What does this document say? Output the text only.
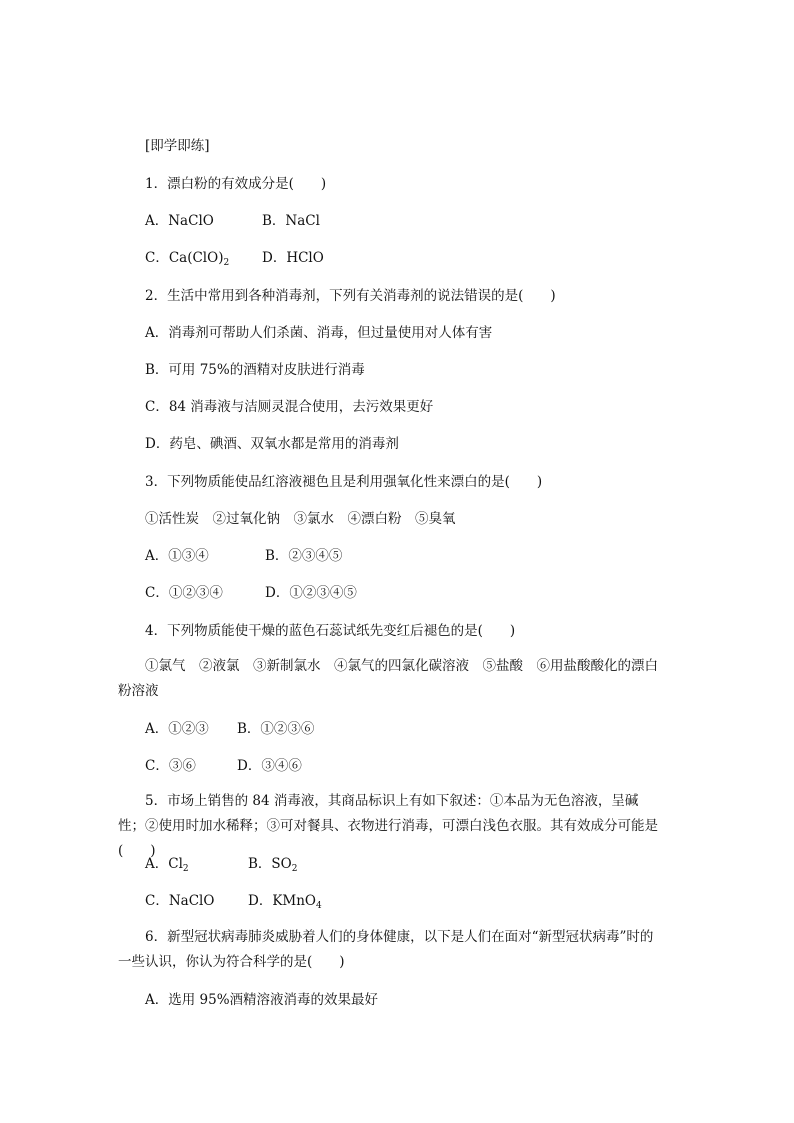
[即学即练]
1．漂白粉的有效成分是(　　)
A．NaClO	B．NaCl
C．$Ca(ClO)_2$ D．HClO
2．生活中常用到各种消毒剂，下列有关消毒剂的说法错误的是(　　)
A．消毒剂可帮助人们杀菌、消毒，但过量使用对人体有害
B．可用 75%的酒精对皮肤进行消毒
C．84 消毒液与洁厕灵混合使用，去污效果更好
D．药皂、碘酒、双氧水都是常用的消毒剂
3．下列物质能使品红溶液褪色且是利用强氧化性来漂白的是(　　)
①活性炭　②过氧化钠　③氯水　④漂白粉　⑤臭氧
A．①③④	B．②③④⑤
C．①②③④	D．①②③④⑤
4．下列物质能使干燥的蓝色石蕊试纸先变红后褪色的是(　　)
①氯气　②液氯　③新制氯水　④氯气的四氯化碳溶液　⑤盐酸　⑥用盐酸酸化的漂白粉溶液
A．①②③ B．①②③⑥
C．③⑥	D．③④⑥
5．市场上销售的 84 消毒液，其商品标识上有如下叙述：①本品为无色溶液，呈碱性；②使用时加水稀释；③可对餐具、衣物进行消毒，可漂白浅色衣服。其有效成分可能是(　　)
A．$Cl_2$	B．$SO_2$
C．NaClO D．KMnO$_4$
6．新型冠状病毒肺炎威胁着人们的身体健康，以下是人们在面对“新型冠状病毒”时的一些认识，你认为符合科学的是(　　)
A．选用 95%酒精溶液消毒的效果最好
